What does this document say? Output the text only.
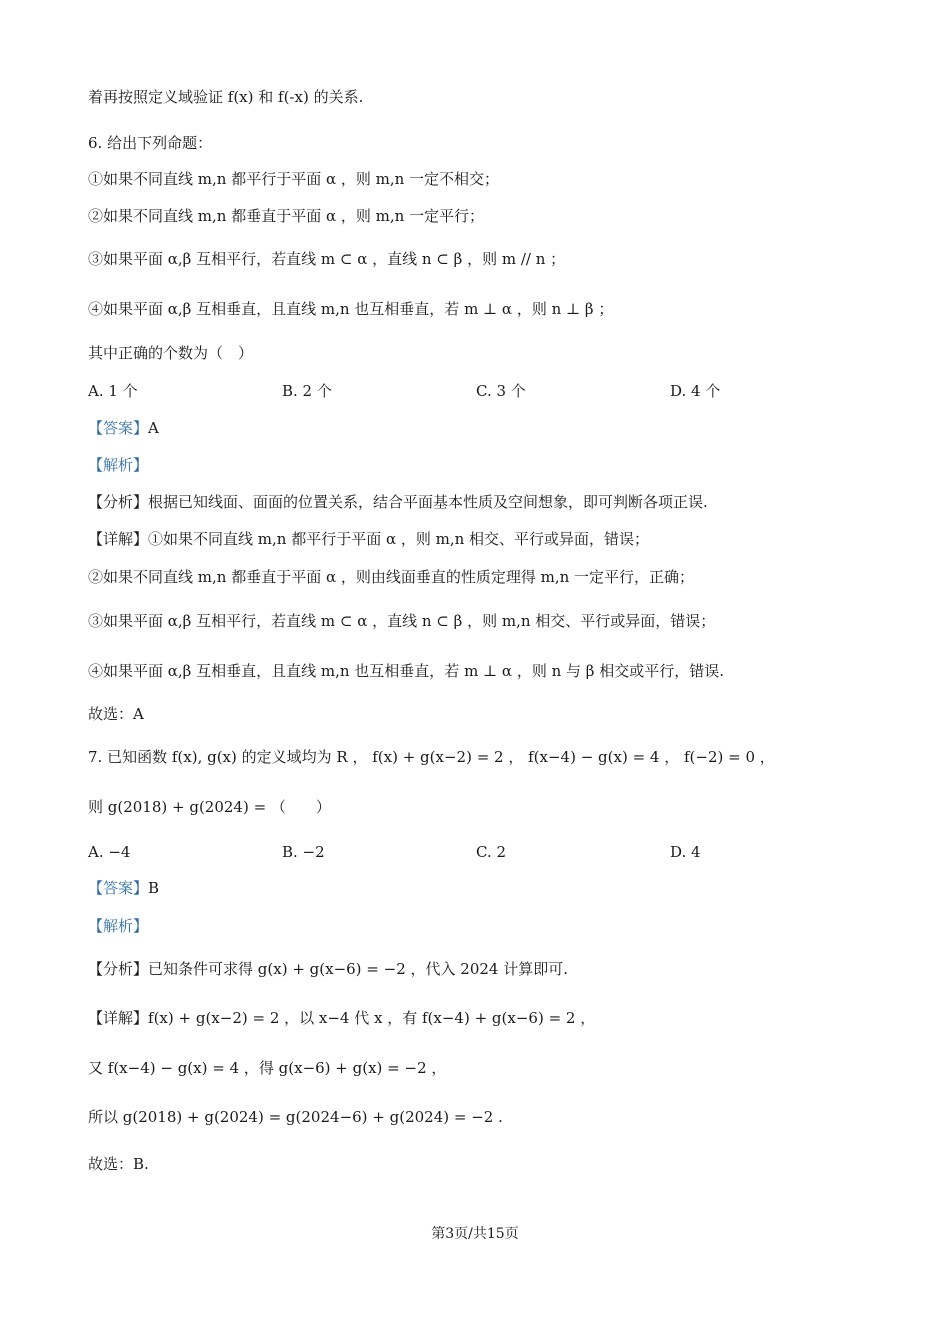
着再按照定义域验证 f(x) 和 f(-x) 的关系.
6. 给出下列命题：
①如果不同直线 m,n 都平行于平面 α ，则 m,n 一定不相交；
②如果不同直线 m,n 都垂直于平面 α ，则 m,n 一定平行；
③如果平面 α,β 互相平行，若直线 m ⊂ α ，直线 n ⊂ β ，则 m // n ；
④如果平面 α,β 互相垂直，且直线 m,n 也互相垂直，若 m ⊥ α ，则 n ⊥ β ；
其中正确的个数为（　）
A. 1 个	B. 2 个	C. 3 个	D. 4 个
【答案】A
【解析】
【分析】根据已知线面、面面的位置关系，结合平面基本性质及空间想象，即可判断各项正误.
【详解】①如果不同直线 m,n 都平行于平面 α ，则 m,n 相交、平行或异面，错误；
②如果不同直线 m,n 都垂直于平面 α ，则由线面垂直的性质定理得 m,n 一定平行，正确；
③如果平面 α,β 互相平行，若直线 m ⊂ α ，直线 n ⊂ β ，则 m,n 相交、平行或异面，错误；
④如果平面 α,β 互相垂直，且直线 m,n 也互相垂直，若 m ⊥ α ，则 n 与 β 相交或平行，错误.
故选：A
7. 已知函数 f(x), g(x) 的定义域均为 R ， f(x) + g(x−2) = 2 ， f(x−4) − g(x) = 4 ， f(−2) = 0 ，
则 g(2018) + g(2024) = （　　）
A. −4	B. −2	C. 2	D. 4
【答案】B
【解析】
【分析】已知条件可求得 g(x) + g(x−6) = −2 ，代入 2024 计算即可.
【详解】f(x) + g(x−2) = 2 ，以 x−4 代 x ，有 f(x−4) + g(x−6) = 2 ，
又 f(x−4) − g(x) = 4 ，得 g(x−6) + g(x) = −2 ，
所以 g(2018) + g(2024) = g(2024−6) + g(2024) = −2 .
故选：B.
第3页/共15页
